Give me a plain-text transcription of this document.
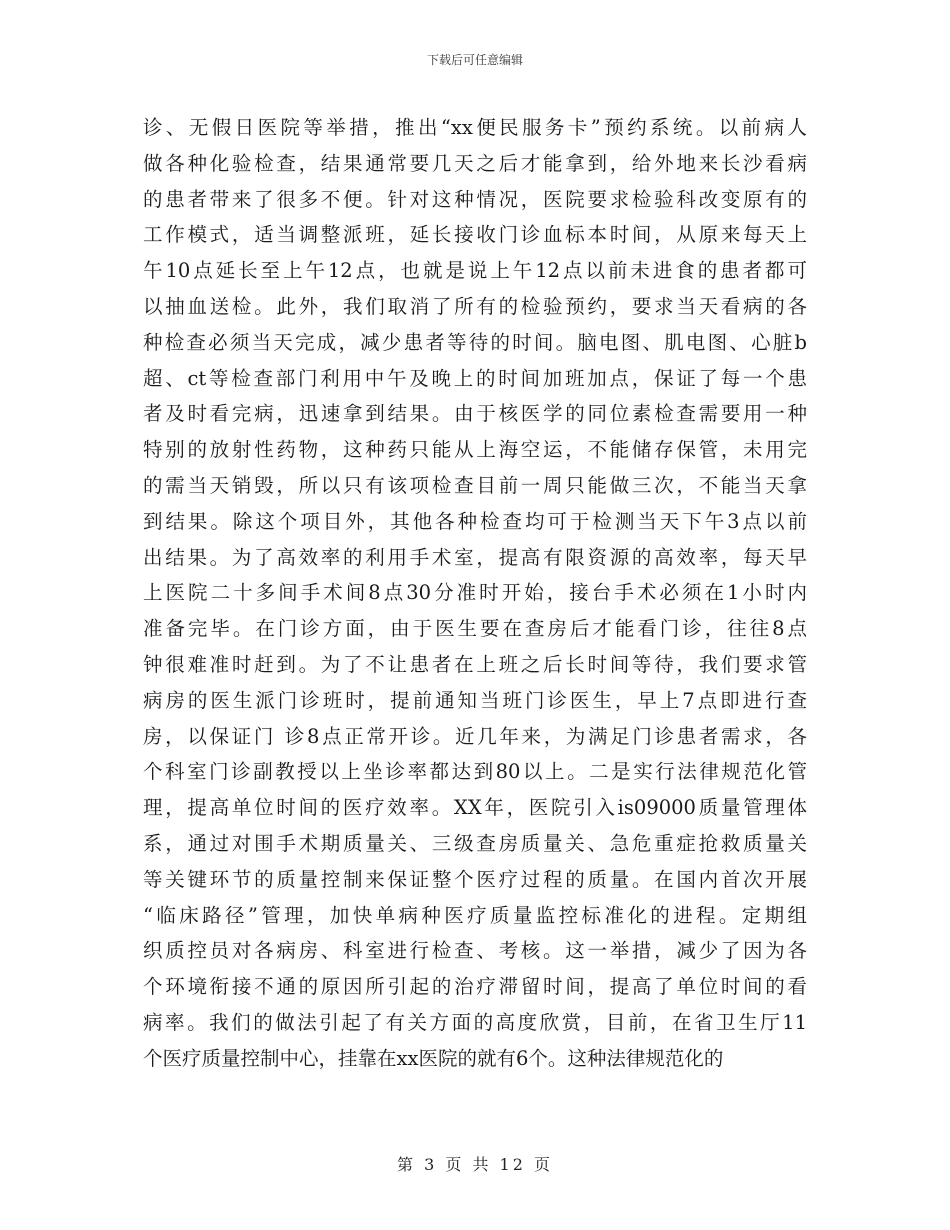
下载后可任意编辑
诊、无假日医院等举措，推出“xx便民服务卡”预约系统。以前病人
做各种化验检查，结果通常要几天之后才能拿到，给外地来长沙看病
的患者带来了很多不便。针对这种情况，医院要求检验科改变原有的
工作模式，适当调整派班，延长接收门诊血标本时间，从原来每天上
午10点延长至上午12点，也就是说上午12点以前未进食的患者都可
以抽血送检。此外，我们取消了所有的检验预约，要求当天看病的各
种检查必须当天完成，减少患者等待的时间。脑电图、肌电图、心脏b
超、ct等检查部门利用中午及晚上的时间加班加点，保证了每一个患
者及时看完病，迅速拿到结果。由于核医学的同位素检查需要用一种
特别的放射性药物，这种药只能从上海空运，不能储存保管，未用完
的需当天销毁，所以只有该项检查目前一周只能做三次，不能当天拿
到结果。除这个项目外，其他各种检查均可于检测当天下午3点以前
出结果。为了高效率的利用手术室，提高有限资源的高效率，每天早
上医院二十多间手术间8点30分准时开始，接台手术必须在1小时内
准备完毕。在门诊方面，由于医生要在查房后才能看门诊，往往8点
钟很难准时赶到。为了不让患者在上班之后长时间等待，我们要求管
病房的医生派门诊班时，提前通知当班门诊医生，早上7点即进行查
房，以保证门 诊8点正常开诊。近几年来，为满足门诊患者需求，各
个科室门诊副教授以上坐诊率都达到80以上。二是实行法律规范化管
理，提高单位时间的医疗效率。XX年，医院引入is09000质量管理体
系，通过对围手术期质量关、三级查房质量关、急危重症抢救质量关
等关键环节的质量控制来保证整个医疗过程的质量。在国内首次开展
“临床路径”管理，加快单病种医疗质量监控标准化的进程。定期组
织质控员对各病房、科室进行检查、考核。这一举措，减少了因为各
个环境衔接不通的原因所引起的治疗滞留时间，提高了单位时间的看
病率。我们的做法引起了有关方面的高度欣赏，目前，在省卫生厅11
个医疗质量控制中心，挂靠在xx医院的就有6个。这种法律规范化的
第 3 页 共 12 页
